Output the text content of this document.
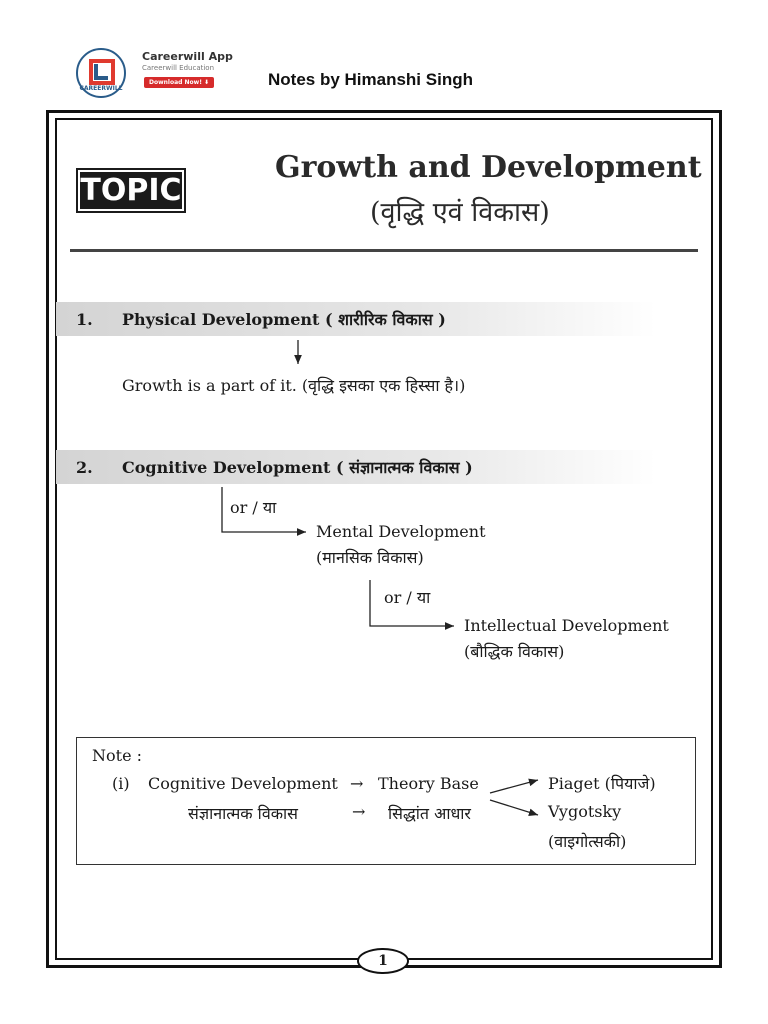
CAREERWILL
Careerwill App
Careerwill Education
Download Now! ⬇	Notes by Himanshi Singh
TOPIC
Growth and Development
(वृद्धि एवं विकास)
1. Physical Development ( शारीरिक विकास )
Growth is a part of it. (वृद्धि इसका एक हिस्सा है।)
2. Cognitive Development ( संज्ञानात्मक विकास )
or / या
Mental Development
(मानसिक विकास)
or / या
Intellectual Development
(बौद्धिक विकास)
Note :
(i) Cognitive Development → Theory Base
संज्ञानात्मक विकास	→ सिद्धांत आधार
Piaget (पियाजे)
Vygotsky
(वाइगोत्सकी)
1
